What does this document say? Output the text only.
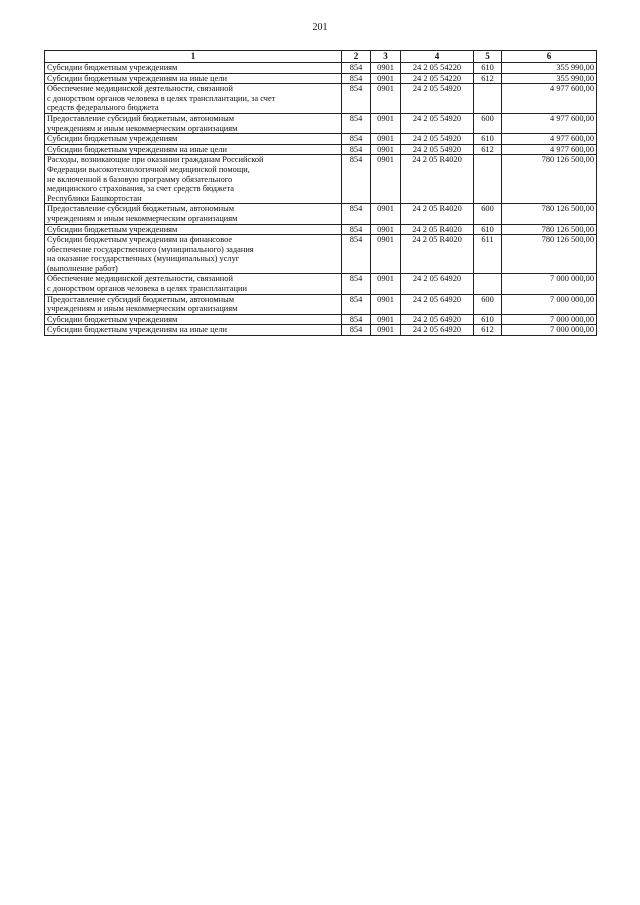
201
1	2	3	4	5	6

Субсидии бюджетным учреждениям	854	0901	24 2 05 54220	610	355 990,00

Субсидии бюджетным учреждениям на иные цели	854	0901	24 2 05 54220	612	355 990,00

Обеспечение медицинской деятельности, связанной
с донорством органов человека в целях трансплантации, за счет
средств федерального бюджета	854	0901	24 2 05 54920		4 977 600,00

Предоставление субсидий бюджетным, автономным
учреждениям и иным некоммерческим организациям	854	0901	24 2 05 54920	600	4 977 600,00

Субсидии бюджетным учреждениям	854	0901	24 2 05 54920	610	4 977 600,00

Субсидии бюджетным учреждениям на иные цели	854	0901	24 2 05 54920	612	4 977 600,00

Расходы, возникающие при оказании гражданам Российской
Федерации высокотехнологичной медицинской помощи,
не включенной в базовую программу обязательного
медицинского страхования, за счет средств бюджета
Республики Башкортостан	854	0901	24 2 05 R4020		780 126 500,00

Предоставление субсидий бюджетным, автономным
учреждениям и иным некоммерческим организациям	854	0901	24 2 05 R4020	600	780 126 500,00

Субсидии бюджетным учреждениям	854	0901	24 2 05 R4020	610	780 126 500,00

Субсидии бюджетным учреждениям на финансовое
обеспечение государственного (муниципального) задания
на оказание государственных (муниципальных) услуг
(выполнение работ)	854	0901	24 2 05 R4020	611	780 126 500,00

Обеспечение медицинской деятельности, связанной
с донорством органов человека в целях трансплантации	854	0901	24 2 05 64920		7 000 000,00

Предоставление субсидий бюджетным, автономным
учреждениям и иным некоммерческим организациям	854	0901	24 2 05 64920	600	7 000 000,00

Субсидии бюджетным учреждениям	854	0901	24 2 05 64920	610	7 000 000,00

Субсидии бюджетным учреждениям на иные цели	854	0901	24 2 05 64920	612	7 000 000,00
